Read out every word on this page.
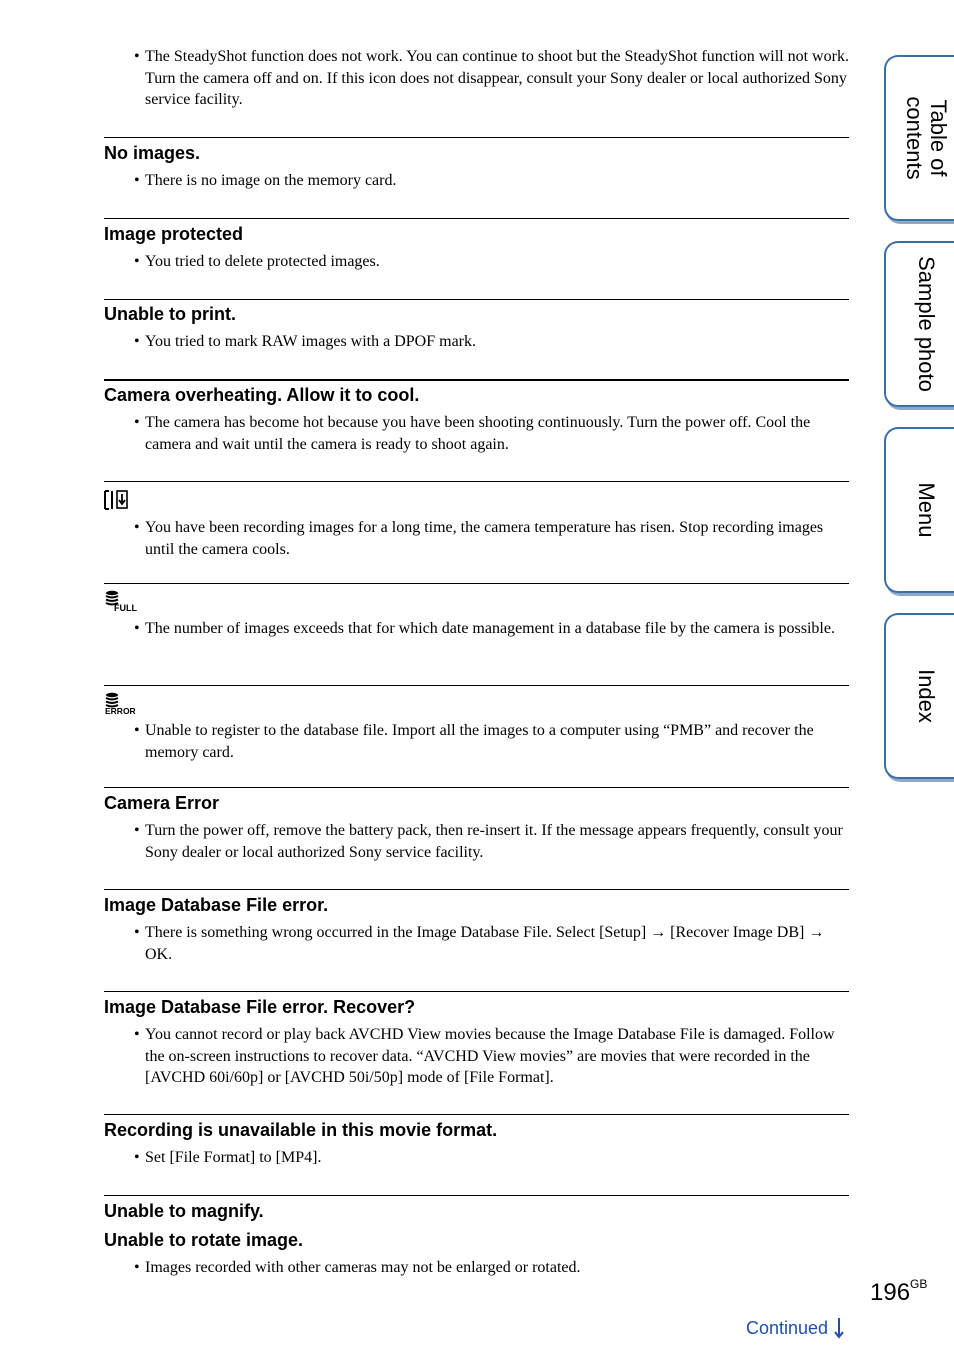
• The SteadyShot function does not work. You can continue to shoot but the SteadyShot function will not work. Turn the camera off and on. If this icon does not disappear, consult your Sony dealer or local authorized Sony service facility.

No images.

• There is no image on the memory card.

Image protected

• You tried to delete protected images.

Unable to print.

• You tried to mark RAW images with a DPOF mark.

Camera overheating. Allow it to cool.

• The camera has become hot because you have been shooting continuously. Turn the power off. Cool the camera and wait until the camera is ready to shoot again.
• You have been recording images for a long time, the camera temperature has risen. Stop recording images until the camera cools.
FULL
• The number of images exceeds that for which date management in a database file by the camera is possible.
ERROR
• Unable to register to the database file. Import all the images to a computer using “PMB” and recover the memory card.

Camera Error

• Turn the power off, remove the battery pack, then re-insert it. If the message appears frequently, consult your Sony dealer or local authorized Sony service facility.

Image Database File error.

• There is something wrong occurred in the Image Database File. Select [Setup] → [Recover Image DB] → OK.

Image Database File error. Recover?

• You cannot record or play back AVCHD View movies because the Image Database File is damaged. Follow the on-screen instructions to recover data. “AVCHD View movies” are movies that were recorded in the [AVCHD 60i/60p] or [AVCHD 50i/50p] mode of [File Format].

Recording is unavailable in this movie format.

• Set [File Format] to [MP4].

Unable to magnify.

Unable to rotate image.

• Images recorded with other cameras may not be enlarged or rotated.
Table of contents
Sample photo
Menu
Index
$196^{GB}$
Continued
